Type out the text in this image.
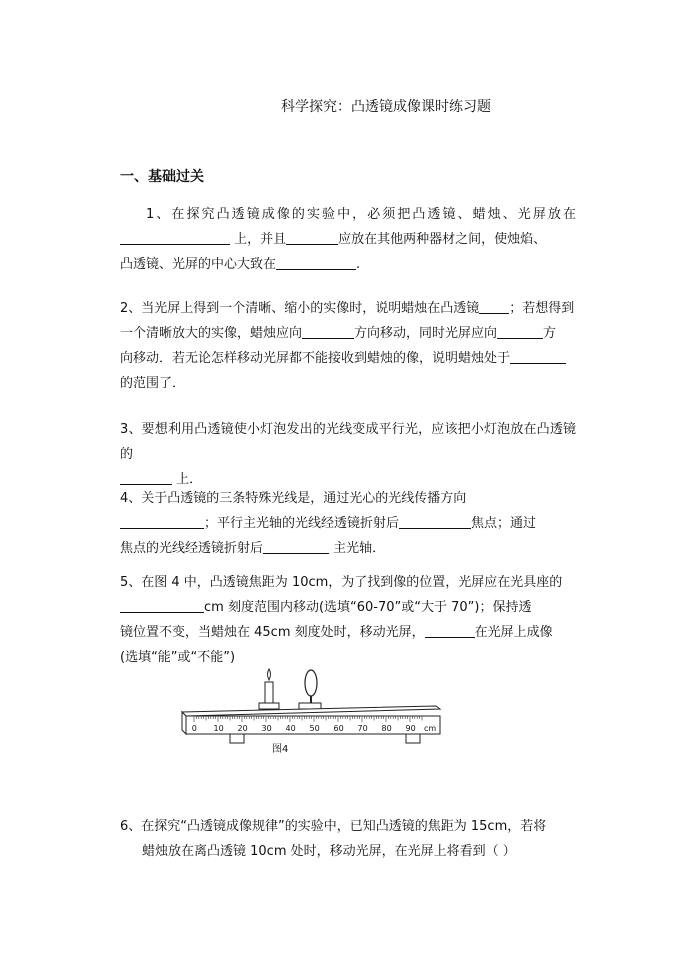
科学探究：凸透镜成像课时练习题
一、基础过关
1、在探究凸透镜成像的实验中，必须把凸透镜、蜡烛、光屏放在 上，并且	应放在其他两种器材之间，使烛焰、
凸透镜、光屏的中心大致在	.
2、当光屏上得到一个清晰、缩小的实像时，说明蜡烛在凸透镜 ；若想得到
一个清晰放大的实像，蜡烛应向	方向移动，同时光屏应向	方
向移动．若无论怎样移动光屏都不能接收到蜡烛的像，说明蜡烛处于
的范围了．
3、要想利用凸透镜使小灯泡发出的光线变成平行光，应该把小灯泡放在凸透镜的
上．
4、关于凸透镜的三条特殊光线是，通过光心的光线传播方向
；平行主光轴的光线经透镜折射后	焦点；通过
焦点的光线经透镜折射后	主光轴．
5、在图 4 中，凸透镜焦距为 10cm，为了找到像的位置，光屏应在光具座的
cm 刻度范围内移动(选填“60-70”或“大于 70”)；保持透
镜位置不变，当蜡烛在 45cm 刻度处时，移动光屏，	在光屏上成像
(选填“能”或“不能”)
0 10 20 30 40 50 60 70 80 90 cm
图4
6、在探究“凸透镜成像规律”的实验中，已知凸透镜的焦距为 15cm，若将
蜡烛放在离凸透镜 10cm 处时，移动光屏，在光屏上将看到（ ）
